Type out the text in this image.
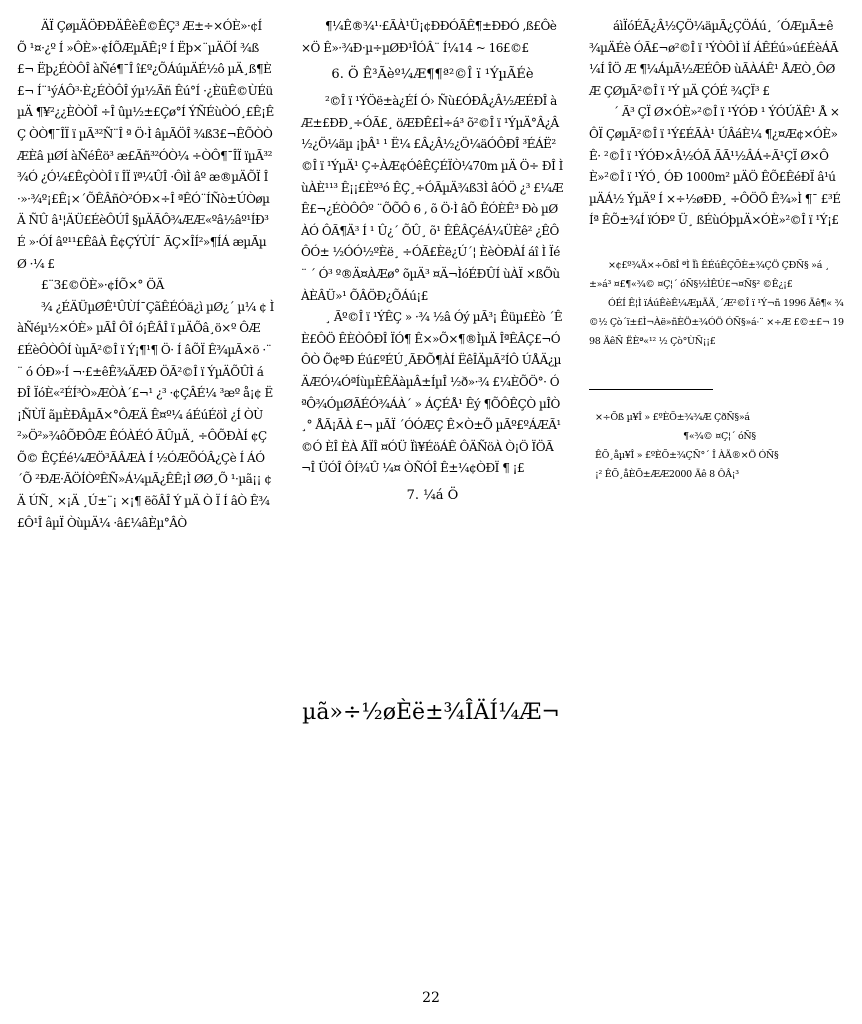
ÄÏ ÇøµÄÖÐÐÄÊèÊ©ÊÇ³ Æ±÷×ÓÈ»·¢Í Õ ¹¤·¿º Í »ÔÈ»·¢ÍÕÆµÃÊ¡º Í Ëþ×¨µÄÖÍ ¾ß£¬ Ëþ¿ÉÒÔÎ àÑé¶¯Î î£º¿ÕÁúµÄÉ½ô µÄ¸ß¶È£¬ Í¨¹ýÁÔ³·È¿ÉÒÔÎ ýµ½Ãñ Êú°Í ·¿ÈüÊ©ÙÉüµÄ ¶¥²¿¿ÈÒÒÎ ÷Î ûµ½±£Çø°Í ÝÑÉùÒÓ¸£Ê¡ÊÇ ÒÒ¶¯ÎÏ ï µÃ³²Ñ¨Î ª Ö·Ì âµÃÖÎ ¾ß3£¬ÊÕÒÒÆÈâ µØÍ àÑéÊö³ æ£Ãñ³²ÓÒ¼ ÷ÒÔ¶¯ÎÏ ïµÃ³²¾Ó ¿Ó¼£ÊçÒÒÎ ï ÎÏ ïª¼ÛÎ ·ÔìÌ âº æ®µÄÕÏ Î ·»·¾º¡£Ê¡×´ÕÊÂñÒ²ÓÐ×÷Î ªÊÓ¨ÍÑò±ÚÒøµÄ ÑÛ â¹¦ÄÜ£ÉèÔÚÎ §µÄÃÔ¾ÆÆ«ºâ½âº¹ÍÐ³É »·ÓÍ âº¹¹£ÊâÀ Ê¢ÇÝÙÍ¯ ÃÇ×ÎÍ²»¶ÍÁ æµÃµØ ·¼ £

£¨3£©ÖÈ»·¢ÍÕ×° ÖÄ

¾ ¿ÉÄÜµØÊ¹ÛÙÍ¯ÇãÊÉÓä¿ì µØ¿´ µ¼ ¢ Ì àÑéµ½×ÓÈ» µÃÎ ÔÎ ó¡ÊÂÎ ï µÄÕâ¸ö×º ÔÆ£ÉèÔÒÔÍ ùµÃ²©Î ï Ý¡¶¹¶ Ö· Í âÕÏ Ê¾µÃ×ö ·¨¨ ó ÓÐ»·Í ¬·£±êÊ¾ÄÆÐ ÖÃ²©Î ï ÝµÄÕÛÌ á ÐÎ ÏóÈ«²ÉÍ³Ò»ÆÒÀ´£¬¹ ¿³ ·¢ÇÂÉ¼ ³æº å¡¢ Ë¡ÑÙÏ ãµÈÐÂµÃ×°ÔÆÄ Ê¤º¼ áÉúÉöÌ ¿Í ÒÙ ²»Ö²»¾ôÕÐÔÆ ÊÓÀÉÓ ÃÛµÄ¸ ÷ÔÕÐÀÍ ¢ÇÕ© ÊÇÉé¼ÆÖ³ÃÂÆÀ Í ½ÓÆÕÓÂ¿Çè Í ÁÓ´Õ ²ÐÆ·ÃÖÍÒºÊÑ»Á¼µÃ¿ÊÊ¡Ì ØØ¸Õ ¹·µã¡¡ ¢Ä ÚÑ¸ ×¡Ä ¸Ú±¨¡ ×¡¶ ëõÂÎ Ý µÄ Ò Ï Í âÒ Ê¾ £Ô¹Î âµÏ ÒùµÄ¼ ·â£¼âÈµ°ÂÒ

¶¼Ê®¾¹·£ÃÀ¹Ü¡¢ÐÐÓÃÊ¶±ÐÐÓ ,ß£Ôè×Ö Ê»·¾Ð·µ÷µØÐ¹ÎÓÂ¨ Í¼14 ~ 16£©£

6. Ö Ê³Ãèº¼Æ¶¶ª²©Î ï ¹ÝµÃÉè

²©Î ï ¹ÝÖë±à¿ÉÍ Ó› Ñù£ÓÐÂ¿Â½ÆÉÐÎ à Æ±£ÐÐ¸÷ÓÃ£¸ öÆÐÊ£Ì÷á³ õ²©Î ï ¹ÝµÄ°Â¿Â½¿Ö¼äµ ¡þÂ¹ ¹ Ë¼ £Â¿Â½¿Ö¼äÓÔÐÎ ³ÉÁË²©Î ï ¹ÝµÄ¹ Ç÷ÀÆ¢ÓêÊÇÉÏÒ¼70m µÄ Ö÷ ÐÎ ÌùÀÈ¹¹³ Ê¡¡£Èº³ó ÊÇ¸÷ÓÃµÄ¾ß3Ì âÓÖ ¿³ £¼ÆÊ£¬¿ÉÒÔÔº ¨ÕÕÔ 6 , õ Ö·Ì âÕ ÊÓÈÊ³ Ðò µØ ÀÓ ÔÃ¶Ä³ Í ¹ Û¿´ ÕÛ¸ õ¹ ÊÊÂÇéÁ¼ÜÈê² ¿ÊÔÔÓ± ½ÓÓ½ºÈë¸ ÷ÓÃ£Èë¿Ú´¦ ÈèÒÐÀÍ áî Ì Ïé¨ ´ Ó³ º®Ä¤ÀÆø° õµÄ³ ¤Ä¬ÌóÉÐÛÍ ùÀÏ ×ßÕù ÀÈÂÜ»¹ ÕÂÖÐ¿ÕÁú¡£

¸ Ãº©Î ï ¹ÝÊÇ » ·¾ ½â Óý µÃ³¡ Êüµ£Èò ´ÊÈ£ÔÖ ÊÈÒÔÐÎ ÏÓ¶ Ê×»Õ×¶®ÌµÄ ÎªÊÂÇ£¬ÓÔÒ Õ¢ªÐ Éú£ºÉÚ¸ÃÐÕ¶ÀÍ ËêÎÄµÃ²ÍÔ ÚÅÄ¿µÄÆÓ¼ÓªÍùµÈÊÄàµÂ±ÍµÎ ½ð»·¾ £¼ÈÕÖ°· ÓªÔ¾ÓµØÃÉÓ¾ÁÀ´ » ÁÇÉÅ¹ Êý ¶ÕÔÊÇÒ µÎÒ¸° ÅÃ¡ÃÀ £¬ µÃÏ ´ÓÓÆÇ Ê×Ò±Õ µÃº£ºÁÆÃ¹©Ó ÈÎ ÈÀ ÅÏÎ ¤ÓÜ Ïì¥ÉöÁÊ ÔÄÑöÀ Ò¡Ö ÏÖÃ ¬Î ÜÓÎ ÔÍ¾Û ¼¤ ÒÑÓÎ Ê±¼¢ÒÐÏ ¶ ¡£

7. ¼á Ö

áìÏóÉÃ¿Â½ÇÖ¼äµÃ¿ÇÖÁú¸ ´ÓÆµÃ±ê¾µÄÉè ÓÃ£¬ø²©Î ï ¹ÝÒÔÌ ìÍ ÁÊÉú»ú£ÉèÁÃ¼Í ÎÖ Æ ¶¼ÁµÃ½ÆÉÔÐ ùÃÀÁÊ¹ ÅÆÒ¸ÔØÆ ÇØµÃ²©Î ï ¹Ý µÄ ÇÓÉ ¾ÇÏ³ £

´ Ã³ ÇÏ Ø×ÓÈ»²©Î ï ¹ÝÓÐ ¹ ÝÓÚÄÊ¹ Å ×ÔÏ ÇøµÃ²©Î ï ¹Ý£ÉÃÀ¹ ÚÂáÈ¼ ¶¿¤Æ¢×ÓÈ» Ê· ²©Î ï ¹ÝÓÐ×Â½ÓÃ ÃÃ¹½ÂÁ÷Ã¹ÇÏ Ø×Ô È»²©Î ï ¹ÝÓ¸ ÓÐ 1000m² µÄÖ ÊÕ£ÊéÐÏ â¹ú µÄÁ½ ÝµÄº Í ×÷½øÐÐ¸ ÷ÔÖÕ Ê¾»Ì ¶¯ £³ÉÍª ÊÕ±¾Í ïÓÐº Ü¸ ßÉùÓþµÄ×ÓÈ»²©Î ï ¹Ý¡£

×¢£º¾Ä×÷ÕßÎ ªÌ Ïì ÊÉúÊÇÕÈ±¾ÇÖ ÇÐÑ§ »á ¸±»á³ ¤£¶«¾© ¤Ç¦´ óÑ§½ÌÊÚ£¬¤Ñ§² ©Ê¿¡£

ÓÉÍ Ê¦Ì ïÁúÊèÊ¼ÆµÄÄ¸´Æ²©Î ï ¹Ý¬ñ 1996 Äê¶« ¾©½ Çò´ï±£Ì¬Àë»ñÈÖ±¾ÓÖ ÓÑ§»á·¨ ×÷Æ £©±£¬ 1998 ÄêÑ ËÈª«¹² ½ Çò°ÙÑ¡¡£

×÷Õß µ¥Î » £ºÈÕ±¾¾Æ ÇðÑ§»á
¶«¾© ¤Ç¦´ óÑ§
ÊÕ¸åµ¥Î » £ºÈÕ±¾ÇÑ°´ Î ÀÄ®×Ö ÓÑ§
¡² ÊÕ¸åÈÕ±ÆÆ2000 Äê 8 ÔÂ¡³
µã»÷½øÈë±¾ÎÄÍ¼Æ¬
22
